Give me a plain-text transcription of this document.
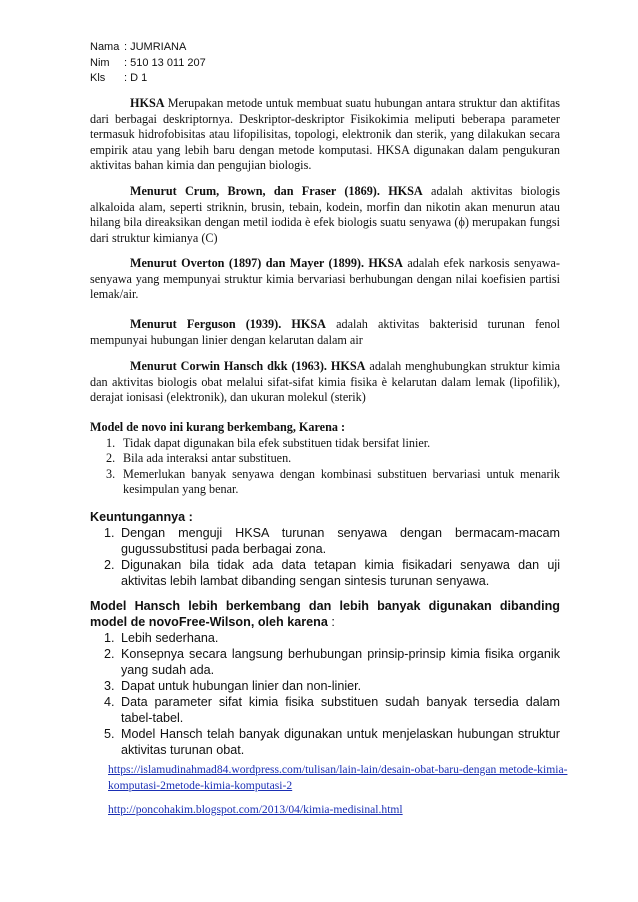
Nama : JUMRIANA
Nim	: 510 13 011 207
Kls	: D 1

HKSA Merupakan metode untuk membuat suatu hubungan antara struktur dan aktifitas dari berbagai deskriptornya. Deskriptor-deskriptor Fisikokimia meliputi beberapa parameter termasuk hidrofobisitas atau lifopilisitas, topologi, elektronik dan sterik, yang dilakukan secara empirik atau yang lebih baru dengan metode komputasi. HKSA digunakan dalam pengukuran aktivitas bahan kimia dan pengujian biologis.

Menurut Crum, Brown, dan Fraser (1869). HKSA adalah aktivitas biologis alkaloida alam, seperti striknin, brusin, tebain, kodein, morfin dan nikotin akan menurun atau hilang bila direaksikan dengan metil iodida è efek biologis suatu senyawa (ϕ) merupakan fungsi dari struktur kimianya (C)

Menurut Overton (1897) dan Mayer (1899). HKSA adalah efek narkosis senyawa-senyawa yang mempunyai struktur kimia bervariasi berhubungan dengan nilai koefisien partisi lemak/air.

Menurut Ferguson (1939). HKSA adalah aktivitas bakterisid turunan fenol mempunyai hubungan linier dengan kelarutan dalam air

Menurut Corwin Hansch dkk (1963). HKSA adalah menghubungkan struktur kimia dan aktivitas biologis obat melalui sifat-sifat kimia fisika è kelarutan dalam lemak (lipofilik), derajat ionisasi (elektronik), dan ukuran molekul (sterik)

Model de novo ini kurang berkembang, Karena :
1. Tidak dapat digunakan bila efek substituen tidak bersifat linier.
2. Bila ada interaksi antar substituen.
3. Memerlukan banyak senyawa dengan kombinasi substituen bervariasi untuk menarik kesimpulan yang benar.
Keuntungannya :
1. Dengan menguji HKSA turunan senyawa dengan bermacam-macam gugussubstitusi pada berbagai zona.
2. Digunakan bila tidak ada data tetapan kimia fisikadari senyawa dan uji aktivitas lebih lambat dibanding sengan sintesis turunan senyawa.
Model Hansch lebih berkembang dan lebih banyak digunakan dibanding model de novoFree-Wilson, oleh karena :
1. Lebih sederhana.
2. Konsepnya secara langsung berhubungan prinsip-prinsip kimia fisika organik yang sudah ada.
3. Dapat untuk hubungan linier dan non-linier.
4. Data parameter sifat kimia fisika substituen sudah banyak tersedia dalam tabel-tabel.
5. Model Hansch telah banyak digunakan untuk menjelaskan hubungan struktur aktivitas turunan obat.
https://islamudinahmad84.wordpress.com/tulisan/lain-lain/desain-obat-baru-dengan metode-kimia-komputasi-2metode-kimia-komputasi-2
http://poncohakim.blogspot.com/2013/04/kimia-medisinal.html
